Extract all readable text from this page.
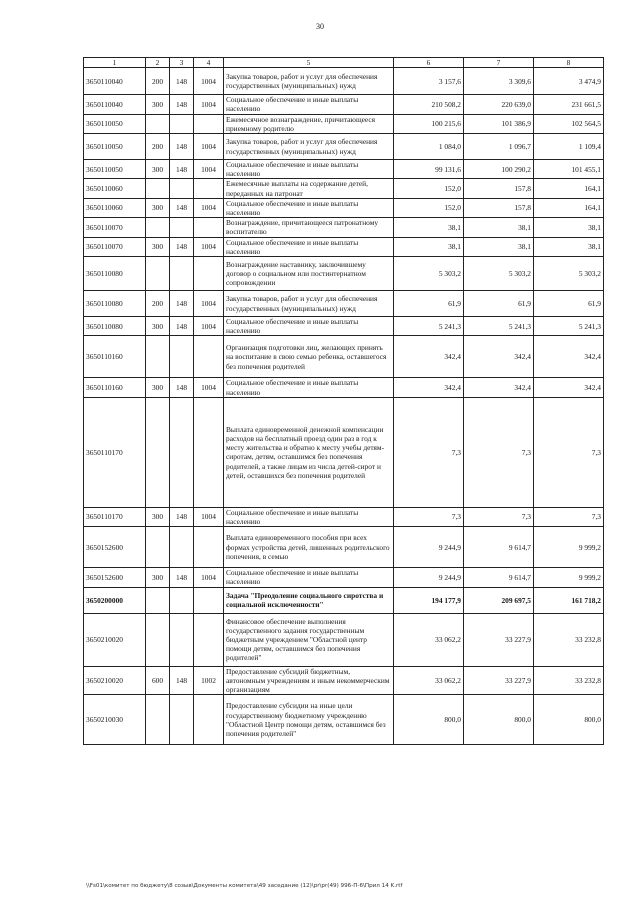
30
1	2	3	4	5	6	7	8
3650110040	200	148	1004	Закупка товаров, работ и услуг для обеспечения государственных (муниципальных) нужд	3 157,6	3 309,6	3 474,9
3650110040	300	148	1004	Социальное обеспечение и иные выплаты населению	210 508,2	220 639,0	231 661,5
3650110050				Ежемесячное вознаграждение, причитающееся приемному родителю	100 215,6	101 386,9	102 564,5
3650110050	200	148	1004	Закупка товаров, работ и услуг для обеспечения государственных (муниципальных) нужд	1 084,0	1 096,7	1 109,4
3650110050	300	148	1004	Социальное обеспечение и иные выплаты населению	99 131,6	100 290,2	101 455,1
3650110060				Ежемесячные выплаты на содержание детей, переданных на патронат	152,0	157,8	164,1
3650110060	300	148	1004	Социальное обеспечение и иные выплаты населению	152,0	157,8	164,1
3650110070				Вознаграждение, причитающееся патронатному воспитателю	38,1	38,1	38,1
3650110070	300	148	1004	Социальное обеспечение и иные выплаты населению	38,1	38,1	38,1
3650110080				Вознаграждение наставнику, заключившему договор о социальном или постинтернатном сопровождении	5 303,2	5 303,2	5 303,2
3650110080	200	148	1004	Закупка товаров, работ и услуг для обеспечения государственных (муниципальных) нужд	61,9	61,9	61,9
3650110080	300	148	1004	Социальное обеспечение и иные выплаты населению	5 241,3	5 241,3	5 241,3
3650110160				Организация подготовки лиц, желающих принять на воспитание в свою семью ребенка, оставшегося без попечения родителей	342,4	342,4	342,4
3650110160	300	148	1004	Социальное обеспечение и иные выплаты населению	342,4	342,4	342,4
3650110170				Выплата единовременной денежной компенсации расходов на бесплатный проезд один раз в год к месту жительства и обратно к месту учебы детям-сиротам, детям, оставшимся без попечения родителей, а также лицам из числа детей-сирот и детей, оставшихся без попечения родителей	7,3	7,3	7,3
3650110170	300	148	1004	Социальное обеспечение и иные выплаты населению	7,3	7,3	7,3
3650152600				Выплата единовременного пособия при всех формах устройства детей, лишенных родительского попечения, в семью	9 244,9	9 614,7	9 999,2
3650152600	300	148	1004	Социальное обеспечение и иные выплаты населению	9 244,9	9 614,7	9 999,2
3650200000				Задача "Преодоление социального сиротства и социальной исключенности"	194 177,9	209 697,5	161 718,2
3650210020				Финансовое обеспечение выполнения государственного задания государственным бюджетным учреждением "Областной центр помощи детям, оставшимся без попечения родителей"	33 062,2	33 227,9	33 232,8
3650210020	600	148	1002	Предоставление субсидий бюджетным, автономным учреждениям и иным некоммерческим организациям	33 062,2	33 227,9	33 232,8
3650210030				Предоставление субсидии на иные цели государственному бюджетному учреждению "Областной Центр помощи детям, оставшимся без попечения родителей"	800,0	800,0	800,0
\\Fs01\комитет по бюджету\8 созыв\Документы комитета\49 заседание (12)\pr\pr(49) 996-П-6\Прил 14 K.rtf
